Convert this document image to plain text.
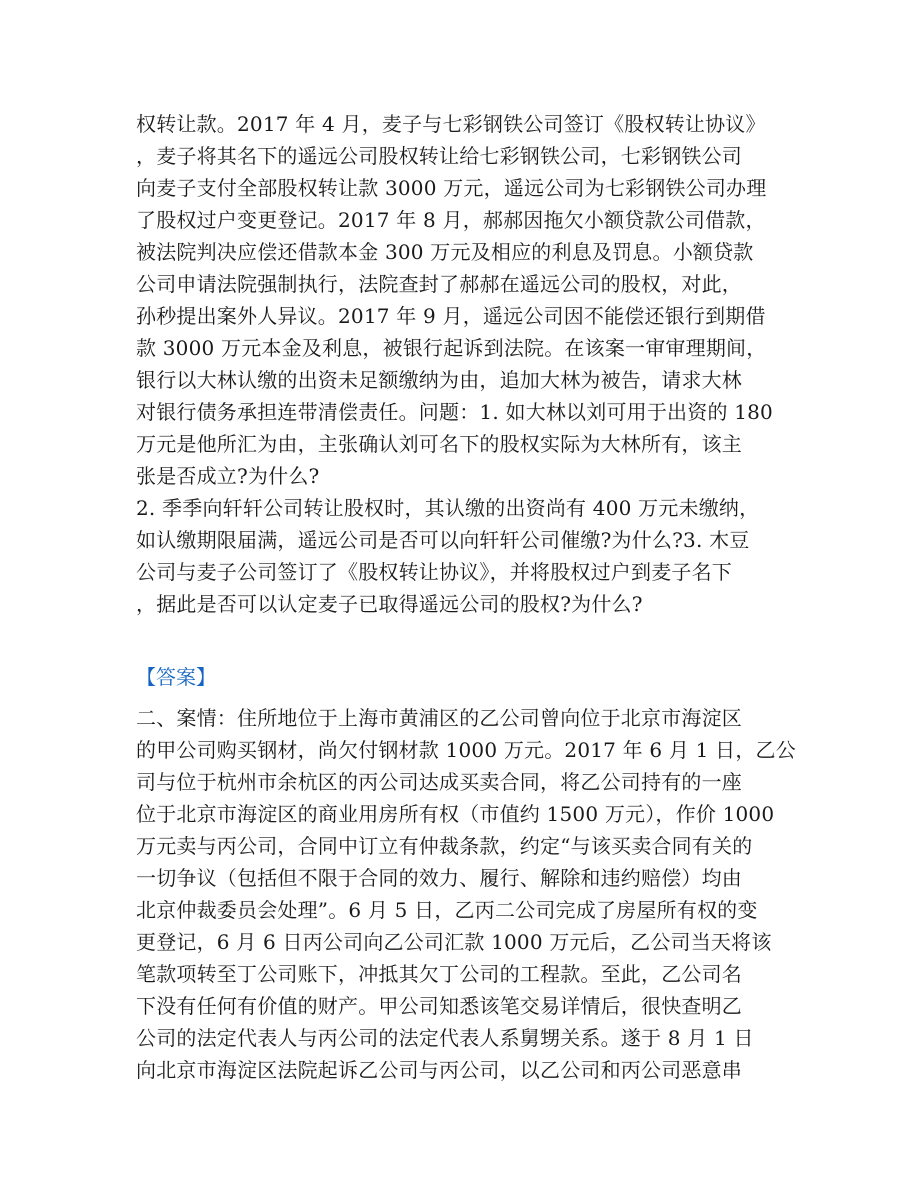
权转让款。2017 年 4 月，麦子与七彩钢铁公司签订《股权转让协议》
，麦子将其名下的遥远公司股权转让给七彩钢铁公司，七彩钢铁公司
向麦子支付全部股权转让款 3000 万元，遥远公司为七彩钢铁公司办理
了股权过户变更登记。2017 年 8 月，郝郝因拖欠小额贷款公司借款，
被法院判决应偿还借款本金 300 万元及相应的利息及罚息。小额贷款
公司申请法院强制执行，法院查封了郝郝在遥远公司的股权，对此，
孙秒提出案外人异议。2017 年 9 月，遥远公司因不能偿还银行到期借
款 3000 万元本金及利息，被银行起诉到法院。在该案一审审理期间，
银行以大林认缴的出资未足额缴纳为由，追加大林为被告，请求大林
对银行债务承担连带清偿责任。问题：1. 如大林以刘可用于出资的 180
万元是他所汇为由，主张确认刘可名下的股权实际为大林所有，该主
张是否成立?为什么?
2. 季季向轩轩公司转让股权时，其认缴的出资尚有 400 万元未缴纳，
如认缴期限届满，遥远公司是否可以向轩轩公司催缴?为什么?3. 木豆
公司与麦子公司签订了《股权转让协议》，并将股权过户到麦子名下
，据此是否可以认定麦子已取得遥远公司的股权?为什么?
【答案】
二、案情：住所地位于上海市黄浦区的乙公司曾向位于北京市海淀区
的甲公司购买钢材，尚欠付钢材款 1000 万元。2017 年 6 月 1 日，乙公
司与位于杭州市余杭区的丙公司达成买卖合同，将乙公司持有的一座
位于北京市海淀区的商业用房所有权（市值约 1500 万元），作价 1000
万元卖与丙公司，合同中订立有仲裁条款，约定“与该买卖合同有关的
一切争议（包括但不限于合同的效力、履行、解除和违约赔偿）均由
北京仲裁委员会处理”。6 月 5 日，乙丙二公司完成了房屋所有权的变
更登记，6 月 6 日丙公司向乙公司汇款 1000 万元后，乙公司当天将该
笔款项转至丁公司账下，冲抵其欠丁公司的工程款。至此，乙公司名
下没有任何有价值的财产。甲公司知悉该笔交易详情后，很快查明乙
公司的法定代表人与丙公司的法定代表人系舅甥关系。遂于 8 月 1 日
向北京市海淀区法院起诉乙公司与丙公司，以乙公司和丙公司恶意串
